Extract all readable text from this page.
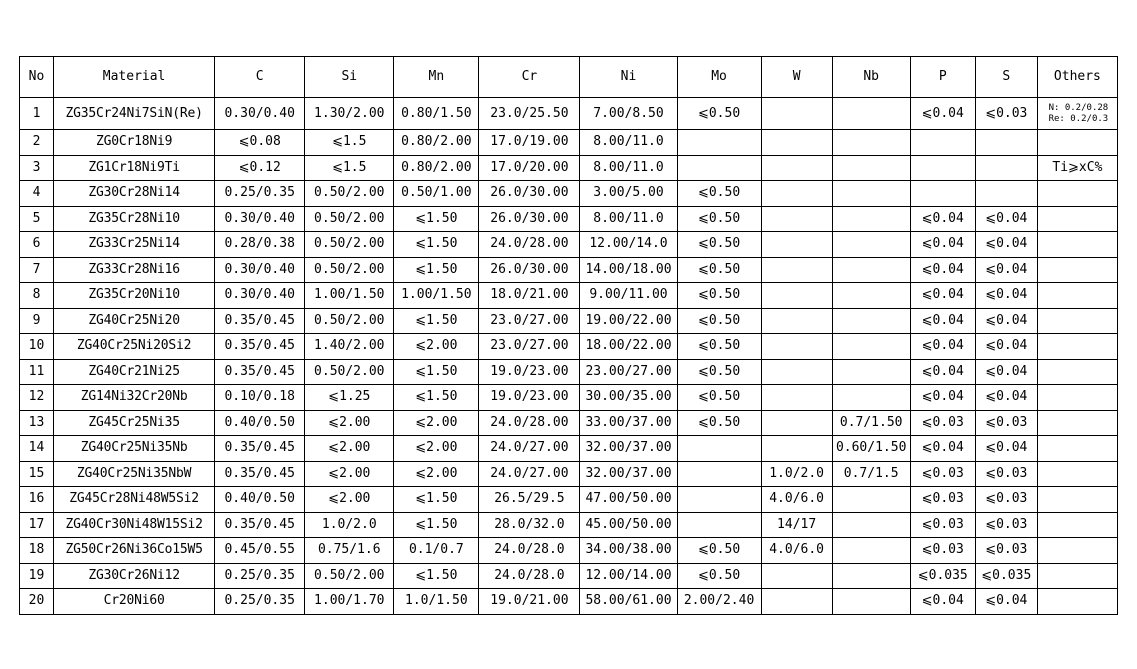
No	Material	C	Si	Mn	Cr	Ni	Mo	W	Nb	P	S	Others
1	ZG35Cr24Ni7SiN(Re)	0.30/0.40	1.30/2.00	0.80/1.50	23.0/25.50	7.00/8.50	⩽0.50			⩽0.04	⩽0.03	N: 0.2/0.28
Re: 0.2/0.3

2	ZG0Cr18Ni9	⩽0.08	⩽1.5	0.80/2.00	17.0/19.00	8.00/11.0						
3	ZG1Cr18Ni9Ti	⩽0.12	⩽1.5	0.80/2.00	17.0/20.00	8.00/11.0						Ti⩾xC%
4	ZG30Cr28Ni14	0.25/0.35	0.50/2.00	0.50/1.00	26.0/30.00	3.00/5.00	⩽0.50					
5	ZG35Cr28Ni10	0.30/0.40	0.50/2.00	⩽1.50	26.0/30.00	8.00/11.0	⩽0.50			⩽0.04	⩽0.04	
6	ZG33Cr25Ni14	0.28/0.38	0.50/2.00	⩽1.50	24.0/28.00	12.00/14.0	⩽0.50			⩽0.04	⩽0.04	
7	ZG33Cr28Ni16	0.30/0.40	0.50/2.00	⩽1.50	26.0/30.00	14.00/18.00	⩽0.50			⩽0.04	⩽0.04	
8	ZG35Cr20Ni10	0.30/0.40	1.00/1.50	1.00/1.50	18.0/21.00	9.00/11.00	⩽0.50			⩽0.04	⩽0.04	
9	ZG40Cr25Ni20	0.35/0.45	0.50/2.00	⩽1.50	23.0/27.00	19.00/22.00	⩽0.50			⩽0.04	⩽0.04	
10	ZG40Cr25Ni20Si2	0.35/0.45	1.40/2.00	⩽2.00	23.0/27.00	18.00/22.00	⩽0.50			⩽0.04	⩽0.04	
11	ZG40Cr21Ni25	0.35/0.45	0.50/2.00	⩽1.50	19.0/23.00	23.00/27.00	⩽0.50			⩽0.04	⩽0.04	
12	ZG14Ni32Cr20Nb	0.10/0.18	⩽1.25	⩽1.50	19.0/23.00	30.00/35.00	⩽0.50			⩽0.04	⩽0.04	
13	ZG45Cr25Ni35	0.40/0.50	⩽2.00	⩽2.00	24.0/28.00	33.00/37.00	⩽0.50		0.7/1.50	⩽0.03	⩽0.03	
14	ZG40Cr25Ni35Nb	0.35/0.45	⩽2.00	⩽2.00	24.0/27.00	32.00/37.00			0.60/1.50	⩽0.04	⩽0.04	
15	ZG40Cr25Ni35NbW	0.35/0.45	⩽2.00	⩽2.00	24.0/27.00	32.00/37.00		1.0/2.0	0.7/1.5	⩽0.03	⩽0.03	
16	ZG45Cr28Ni48W5Si2	0.40/0.50	⩽2.00	⩽1.50	26.5/29.5	47.00/50.00		4.0/6.0		⩽0.03	⩽0.03	
17	ZG40Cr30Ni48W15Si2	0.35/0.45	1.0/2.0	⩽1.50	28.0/32.0	45.00/50.00		14/17		⩽0.03	⩽0.03	
18	ZG50Cr26Ni36Co15W5	0.45/0.55	0.75/1.6	0.1/0.7	24.0/28.0	34.00/38.00	⩽0.50	4.0/6.0		⩽0.03	⩽0.03	
19	ZG30Cr26Ni12	0.25/0.35	0.50/2.00	⩽1.50	24.0/28.0	12.00/14.00	⩽0.50			⩽0.035	⩽0.035	
20	Cr20Ni60	0.25/0.35	1.00/1.70	1.0/1.50	19.0/21.00	58.00/61.00	2.00/2.40			⩽0.04	⩽0.04	
